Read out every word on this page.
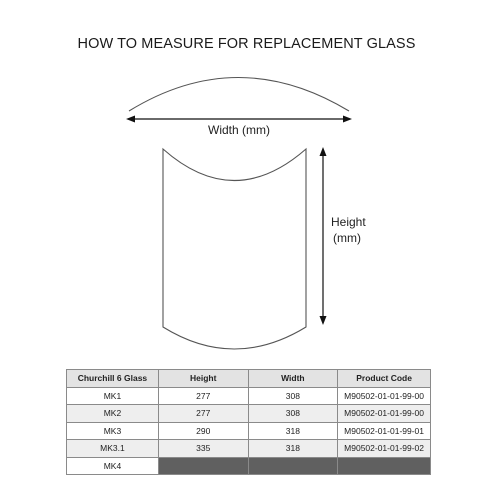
HOW TO MEASURE FOR REPLACEMENT GLASS
Width (mm)
Height
(mm)
Churchill 6 Glass	Height	Width	Product Code
MK1	277	308	M90502-01-01-99-00
MK2	277	308	M90502-01-01-99-00
MK3	290	318	M90502-01-01-99-01
MK3.1	335	318	M90502-01-01-99-02
MK4			
